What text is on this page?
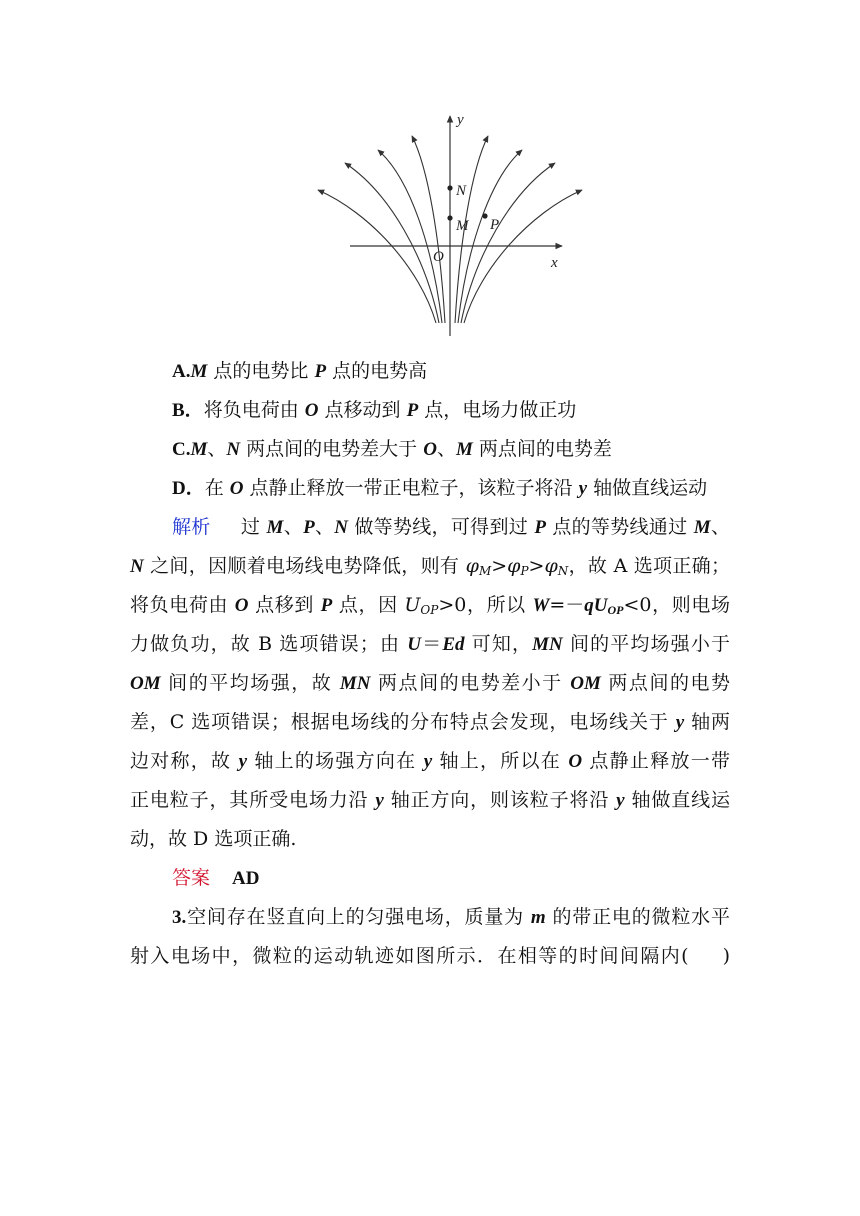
y
x
O
N
M P
A.M 点的电势比 P 点的电势高
B．将负电荷由 O 点移动到 P 点，电场力做正功
C.M、N 两点间的电势差大于 O、M 两点间的电势差
D．在 O 点静止释放一带正电粒子，该粒子将沿 y 轴做直线运动
解析 过 M、P、N 做等势线，可得到过 P 点的等势线通过 M、
N 之间，因顺着电场线电势降低，则有 $\varphi_M>\varphi_P>\varphi_N$，故 A 选项正确；
将负电荷由 O 点移到 P 点，因 $U_{OP}>0$，所以 $W=-qU_{OP}<0$，则电场
力做负功，故 B 选项错误；由 U＝Ed 可知，MN 间的平均场强小于
OM 间的平均场强，故 MN 两点间的电势差小于 OM 两点间的电势
差，C 选项错误；根据电场线的分布特点会发现，电场线关于 y 轴两
边对称，故 y 轴上的场强方向在 y 轴上，所以在 O 点静止释放一带
正电粒子，其所受电场力沿 y 轴正方向，则该粒子将沿 y 轴做直线运
动，故 D 选项正确.
答案 AD
3.空间存在竖直向上的匀强电场，质量为 m 的带正电的微粒水平
射入电场中，微粒的运动轨迹如图所示．在相等的时间间隔内( )
